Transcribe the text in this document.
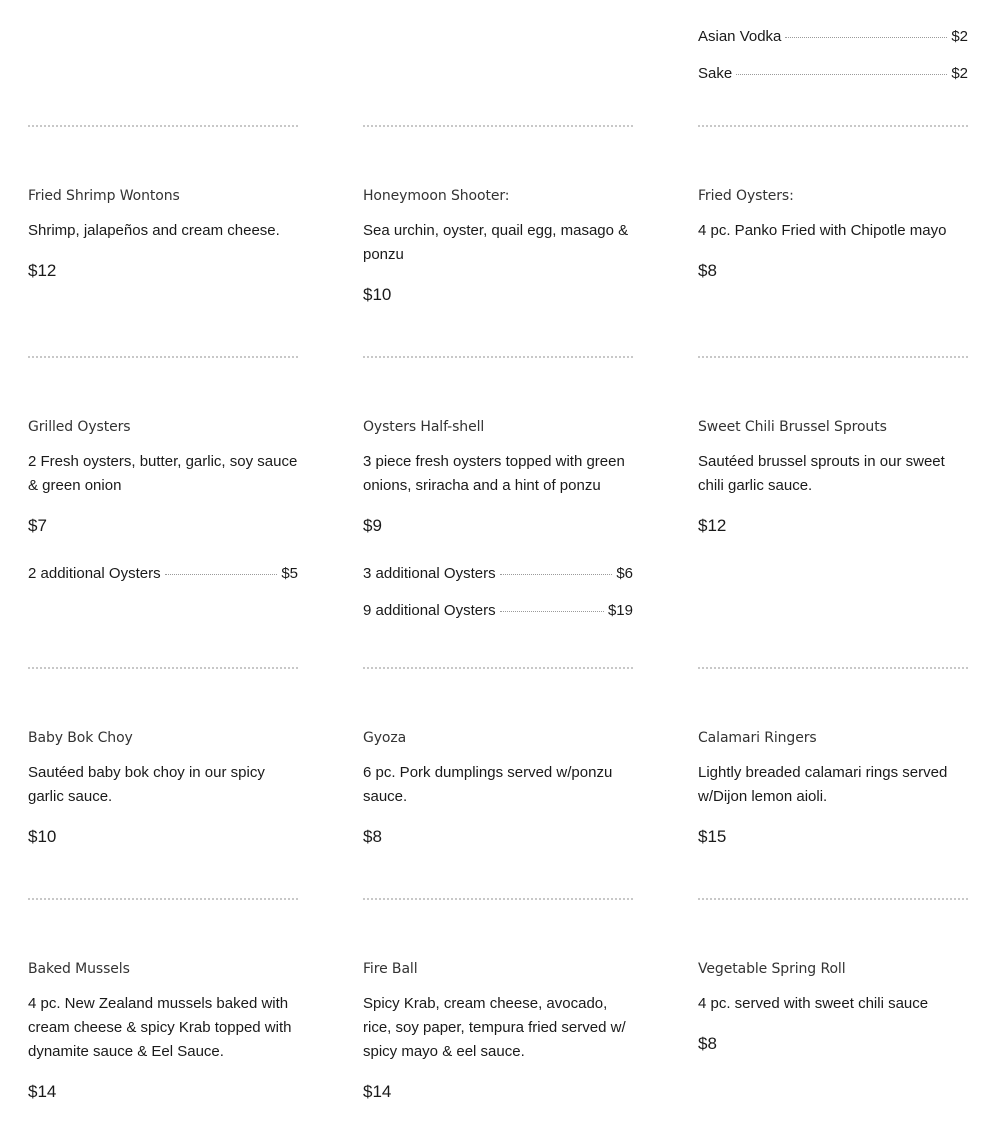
Asian Vodka	$2
Sake	$2
Fried Shrimp Wontons
Shrimp, jalapeños and cream cheese.
$12
Honeymoon Shooter:
Sea urchin, oyster, quail egg, masago & ponzu
$10
Fried Oysters:
4 pc. Panko Fried with Chipotle mayo
$8
Grilled Oysters
2 Fresh oysters, butter, garlic, soy sauce & green onion
$7
2 additional Oysters	$5
Oysters Half-shell
3 piece fresh oysters topped with green onions, sriracha and a hint of ponzu
$9
3 additional Oysters	$6
9 additional Oysters	$19
Sweet Chili Brussel Sprouts
Sautéed brussel sprouts in our sweet chili garlic sauce.
$12
Baby Bok Choy
Sautéed baby bok choy in our spicy garlic sauce.
$10
Gyoza
6 pc. Pork dumplings served w/ponzu sauce.
$8
Calamari Ringers
Lightly breaded calamari rings served w/Dijon lemon aioli.
$15
Baked Mussels
4 pc. New Zealand mussels baked with cream cheese & spicy Krab topped with dynamite sauce & Eel Sauce.
$14
Fire Ball
Spicy Krab, cream cheese, avocado, rice, soy paper, tempura fried served w/ spicy mayo & eel sauce.
$14
Vegetable Spring Roll
4 pc. served with sweet chili sauce
$8
